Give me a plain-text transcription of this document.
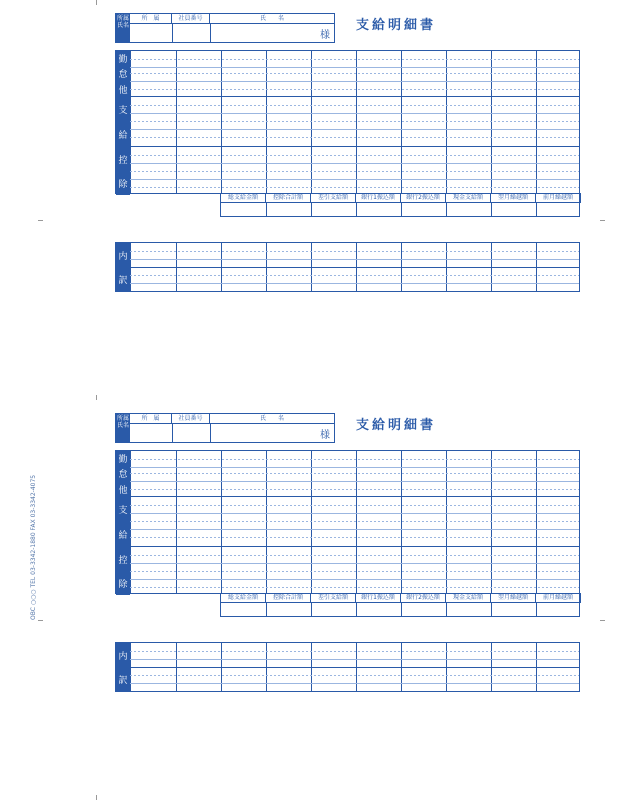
所属氏名
所　属	社員番号	氏　　名
様
支給明細書
勤
怠
他
支
給
控
除
総支給金額	控除合計額	差引支給額	銀行1振込額	銀行2振込額	現金支給額	翌月繰越額	前月繰越額
内
訳
所属氏名
所　属	社員番号	氏　　名
様
支給明細書
勤
怠
他
支
給
控
除
総支給金額	控除合計額	差引支給額	銀行1振込額	銀行2振込額	現金支給額	翌月繰越額	前月繰越額
内
訳
OBC ○○○ TEL 03-3342-1880 FAX 03-3342-4075
